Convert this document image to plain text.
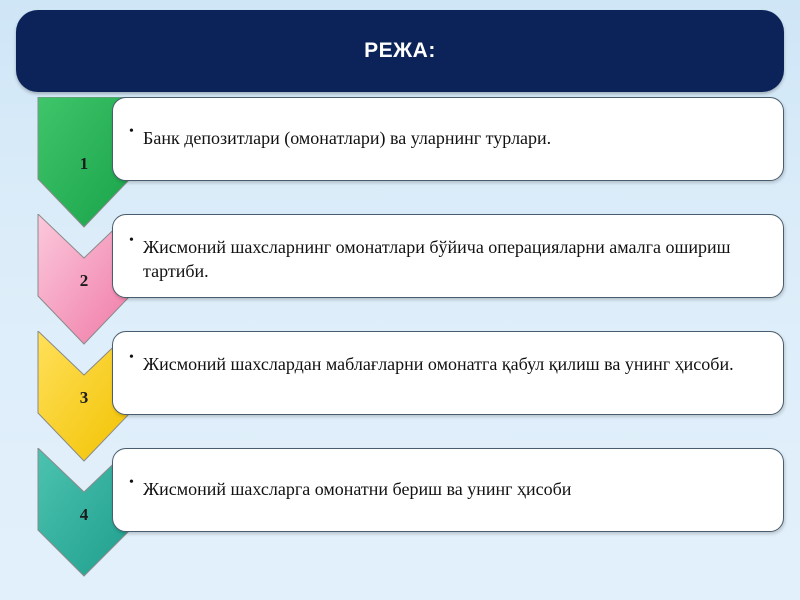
РЕЖА:
1
• Банк депозитлари (омонатлари) ва уларнинг турлари.
2
• Жисмоний шахсларнинг омонатлари бўйича операцияларни амалга ошириш тартиби.
3
• Жисмоний шахслардан маблағларни омонатга қабул қилиш ва унинг ҳисоби.
4
• Жисмоний шахсларга омонатни бериш ва унинг ҳисоби
